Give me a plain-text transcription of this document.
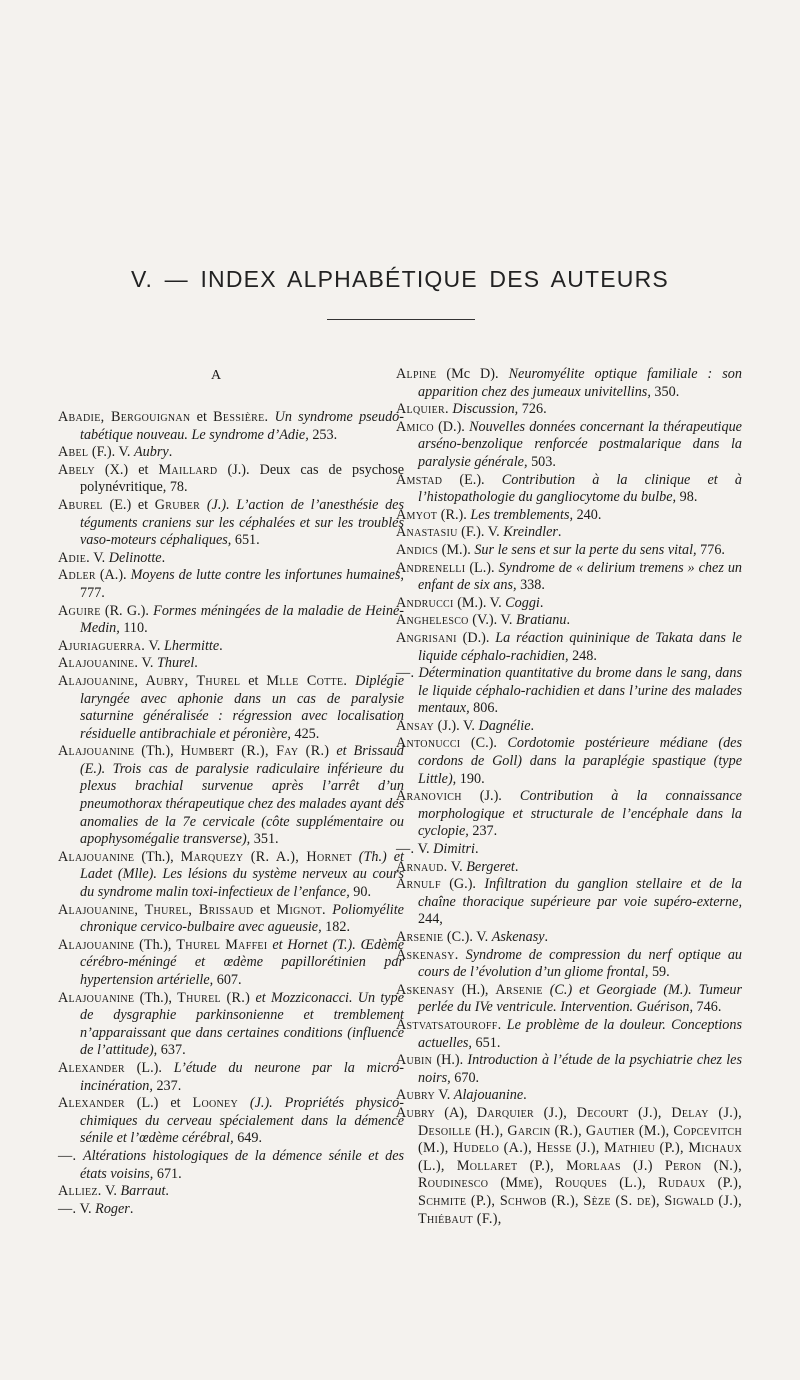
V. — INDEX ALPHABÉTIQUE DES AUTEURS
A

Abadie, Bergouignan et Bessière. Un syndrome pseudo-tabétique nouveau. Le syndrome d’Adie, 253.

Abel (F.). V. Aubry.

Abely (X.) et Maillard (J.). Deux cas de psychose polynévritique, 78.

Aburel (E.) et Gruber (J.). L’action de l’anesthésie des téguments craniens sur les céphalées et sur les troubles vaso-moteurs céphaliques, 651.

Adie. V. Delinotte.

Adler (A.). Moyens de lutte contre les infortunes humaines, 777.

Aguire (R. G.). Formes méningées de la maladie de Heine-Medin, 110.

Ajuriaguerra. V. Lhermitte.

Alajouanine. V. Thurel.

Alajouanine, Aubry, Thurel et Mlle Cotte. Diplégie laryngée avec aphonie dans un cas de paralysie saturnine généralisée : régression avec localisation résiduelle antibrachiale et péronière, 425.

Alajouanine (Th.), Humbert (R.), Fay (R.) et Brissaud (E.). Trois cas de paralysie radiculaire inférieure du plexus brachial survenue après l’arrêt d’un pneumothorax thérapeutique chez des malades ayant des anomalies de la 7e cervicale (côte supplémentaire ou apophysomégalie transverse), 351.

Alajouanine (Th.), Marquezy (R. A.), Hornet (Th.) et Ladet (Mlle). Les lésions du système nerveux au cours du syndrome malin toxi-infectieux de l’enfance, 90.

Alajouanine, Thurel, Brissaud et Mignot. Poliomyélite chronique cervico-bulbaire avec agueusie, 182.

Alajouanine (Th.), Thurel Maffei et Hornet (T.). Œdème cérébro-méningé et œdème papillorétinien par hypertension artérielle, 607.

Alajouanine (Th.), Thurel (R.) et Mozziconacci. Un type de dysgraphie parkinsonienne et tremblement n’apparaissant que dans certaines conditions (influence de l’attitude), 637.

Alexander (L.). L’étude du neurone par la micro-incinération, 237.

Alexander (L.) et Looney (J.). Propriétés physico-chimiques du cerveau spécialement dans la démence sénile et l’œdème cérébral, 649.

—. Altérations histologiques de la démence sénile et des états voisins, 671.

Alliez. V. Barraut.

—. V. Roger.

Alpine (Mc D). Neuromyélite optique familiale : son apparition chez des jumeaux univitellins, 350.

Alquier. Discussion, 726.

Amico (D.). Nouvelles données concernant la thérapeutique arséno-benzolique renforcée postmalarique dans la paralysie générale, 503.

Amstad (E.). Contribution à la clinique et à l’histopathologie du gangliocytome du bulbe, 98.

Amyot (R.). Les tremblements, 240.

Anastasiu (F.). V. Kreindler.

Andics (M.). Sur le sens et sur la perte du sens vital, 776.

Andrenelli (L.). Syndrome de « delirium tremens » chez un enfant de six ans, 338.

Andrucci (M.). V. Coggi.

Anghelesco (V.). V. Bratianu.

Angrisani (D.). La réaction quininique de Takata dans le liquide céphalo-rachidien, 248.

—. Détermination quantitative du brome dans le sang, dans le liquide céphalo-rachidien et dans l’urine des malades mentaux, 806.

Ansay (J.). V. Dagnélie.

Antonucci (C.). Cordotomie postérieure médiane (des cordons de Goll) dans la paraplégie spastique (type Little), 190.

Aranovich (J.). Contribution à la connaissance morphologique et structurale de l’encéphale dans la cyclopie, 237.

—. V. Dimitri.

Arnaud. V. Bergeret.

Arnulf (G.). Infiltration du ganglion stellaire et de la chaîne thoracique supérieure par voie supéro-externe, 244,

Arsenie (C.). V. Askenasy.

Askenasy. Syndrome de compression du nerf optique au cours de l’évolution d’un gliome frontal, 59.

Askenasy (H.), Arsenie (C.) et Georgiade (M.). Tumeur perlée du IVe ventricule. Intervention. Guérison, 746.

Astvatsatouroff. Le problème de la douleur. Conceptions actuelles, 651.

Aubin (H.). Introduction à l’étude de la psychiatrie chez les noirs, 670.

Aubry V. Alajouanine.

Aubry (A), Darquier (J.), Decourt (J.), Delay (J.), Desoille (H.), Garcin (R.), Gautier (M.), Copcevitch (M.), Hudelo (A.), Hesse (J.), Mathieu (P.), Michaux (L.), Mollaret (P.), Morlaas (J.) Peron (N.), Roudinesco (Mme), Rouques (L.), Rudaux (P.), Schmite (P.), Schwob (R.), Sèze (S. de), Sigwald (J.), Thiébaut (F.),
